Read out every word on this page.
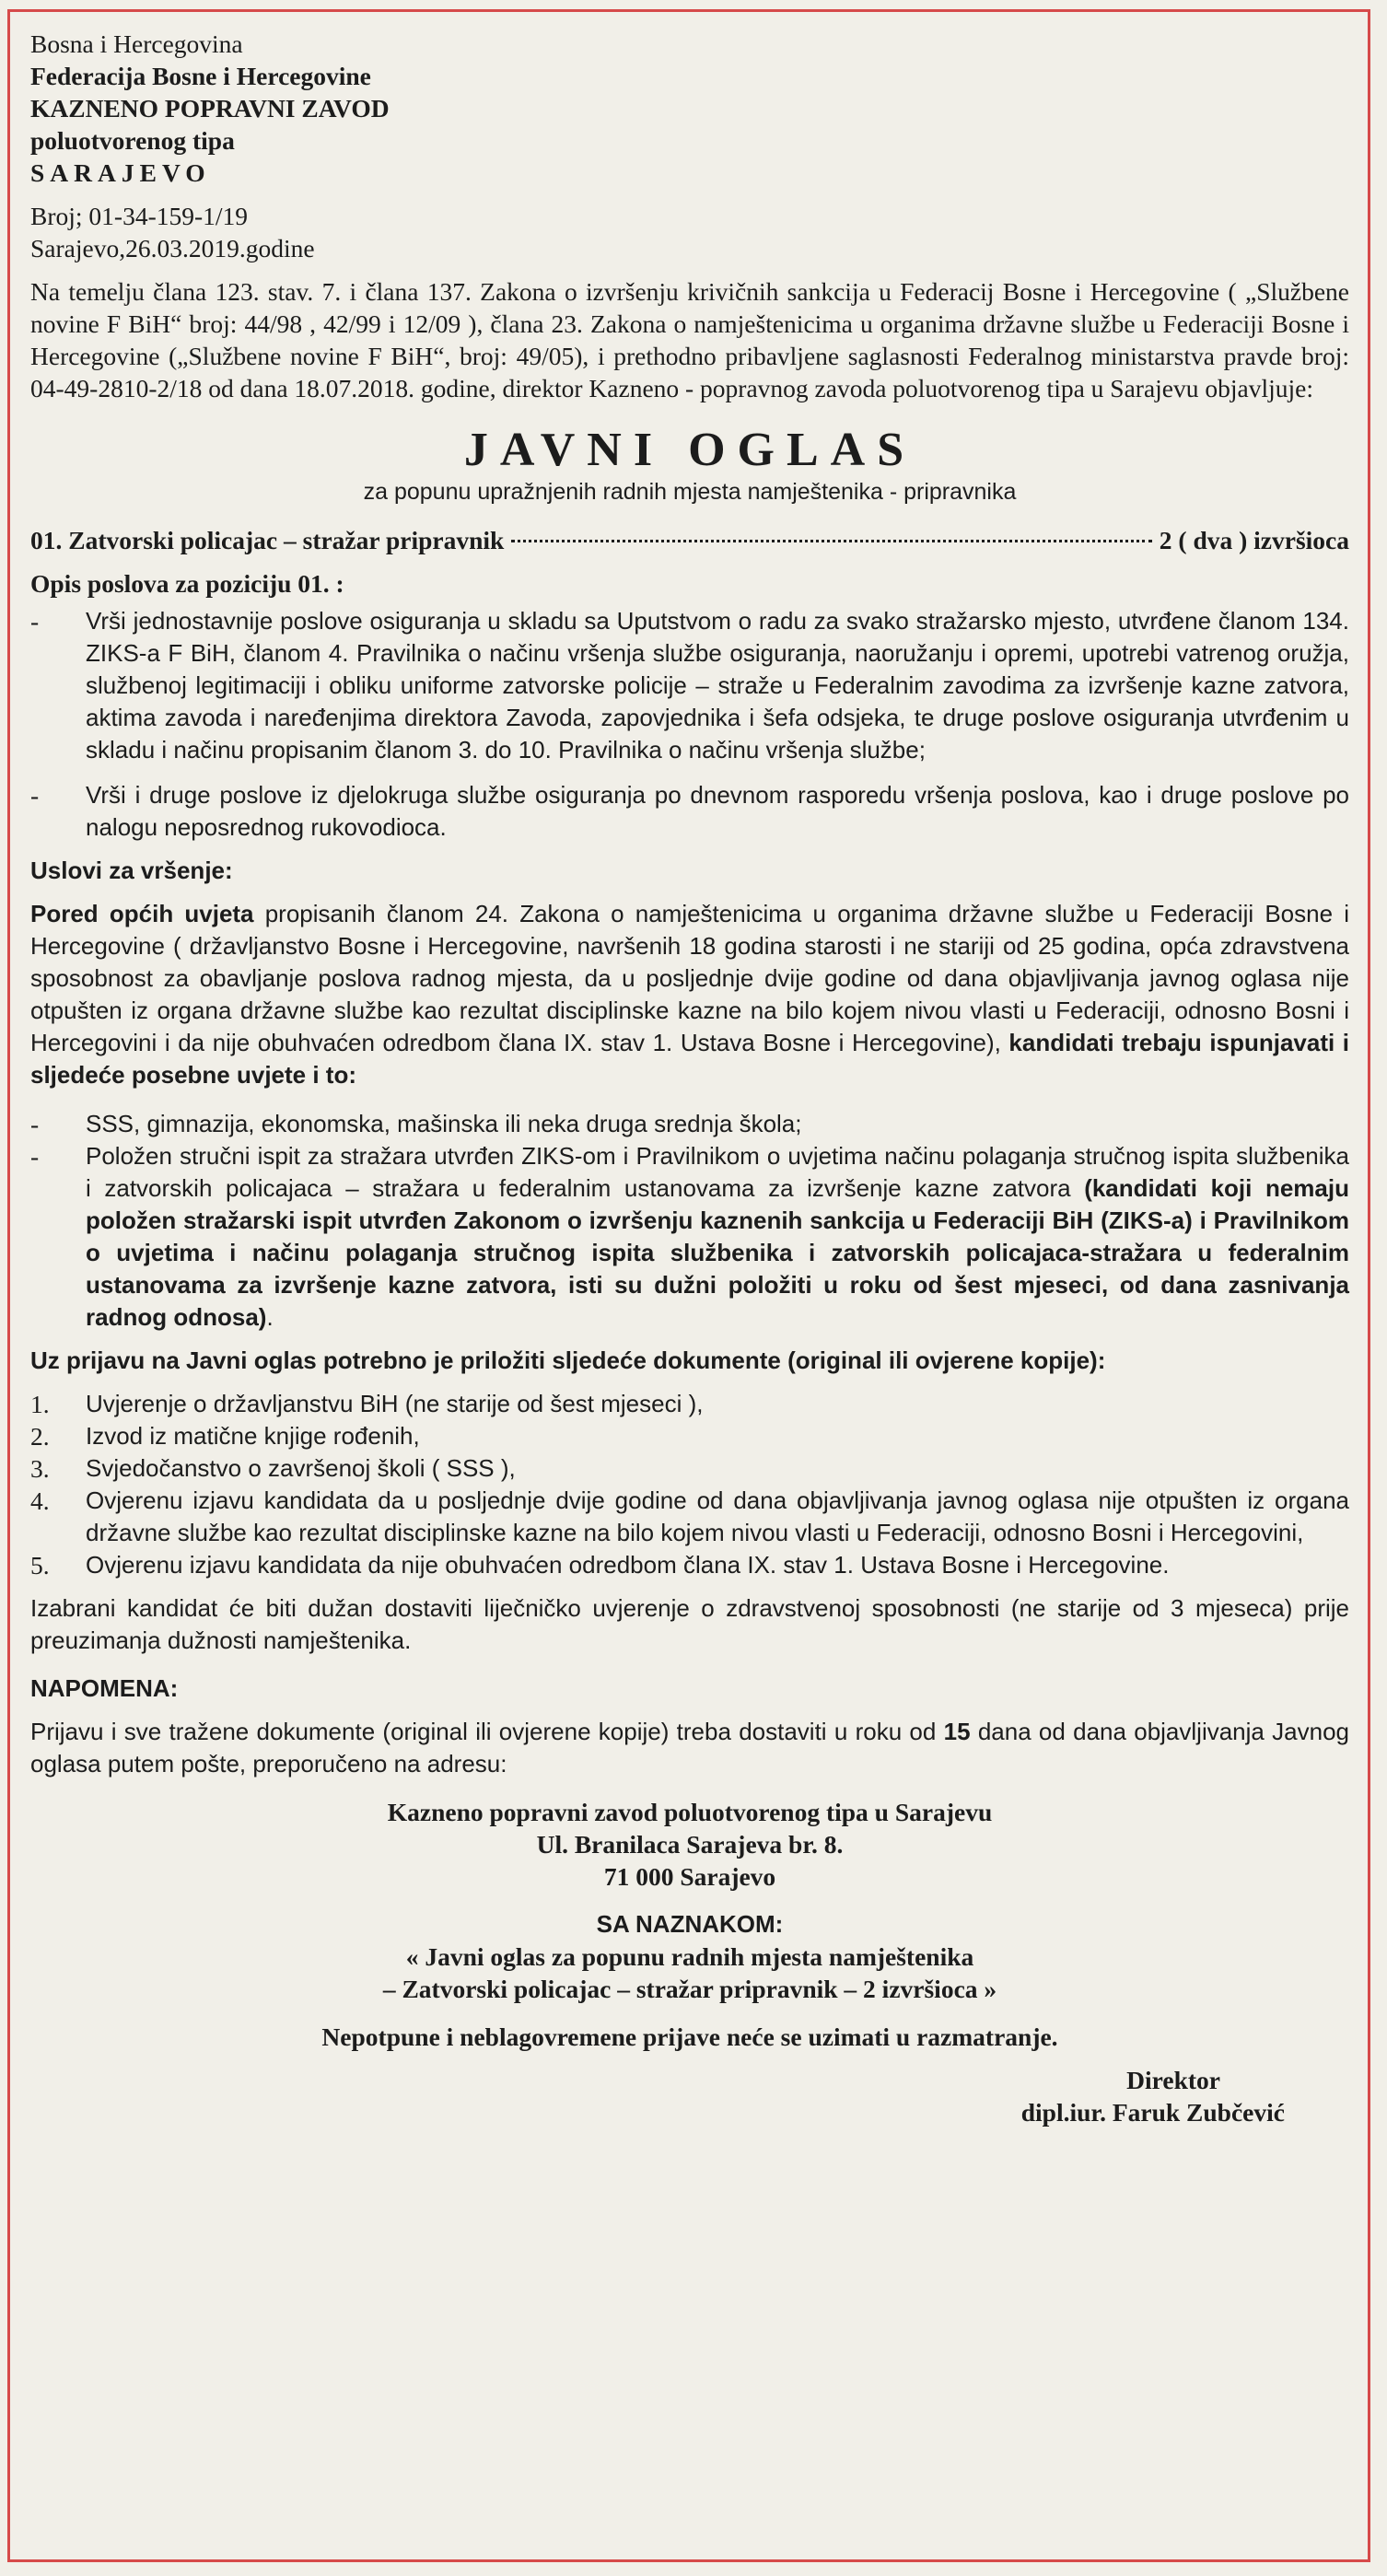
Bosna i Hercegovina
Federacija Bosne i Hercegovine
KAZNENO POPRAVNI ZAVOD
poluotvorenog tipa
SARAJEVO
Broj; 01-34-159-1/19
Sarajevo,26.03.2019.godine

Na temelju člana 123. stav. 7. i člana 137. Zakona o izvršenju krivičnih sankcija u Federacij Bosne i Hercegovine ( „Službene novine F BiH“ broj: 44/98 , 42/99 i 12/09 ), člana 23. Zakona o namještenicima u organima državne službe u Federaciji Bosne i Hercegovine („Službene novine F BiH“, broj: 49/05), i prethodno pribavljene saglasnosti Federalnog ministarstva pravde broj: 04-49-2810-2/18 od dana 18.07.2018. godine, direktor Kazneno - popravnog zavoda poluotvorenog tipa u Sarajevu objavljuje:

JAVNI OGLAS
za popunu upražnjenih radnih mjesta namještenika - pripravnika
01. Zatvorski policajac – stražar pripravnik	2 ( dva ) izvršioca

Opis poslova za poziciju 01. :

-	Vrši jednostavnije poslove osiguranja u skladu sa Uputstvom o radu za svako stražarsko mjesto, utvrđene članom 134. ZIKS-a F BiH, članom 4. Pravilnika o načinu vršenja službe osiguranja, naoružanju i opremi, upotrebi vatrenog oružja, službenoj legitimaciji i obliku uniforme zatvorske policije – straže u Federalnim zavodima za izvršenje kazne zatvora, aktima zavoda i naređenjima direktora Zavoda, zapovjednika i šefa odsjeka, te druge poslove osiguranja utvrđenim u skladu i načinu propisanim članom 3. do 10. Pravilnika o načinu vršenja službe;
-	Vrši i druge poslove iz djelokruga službe osiguranja po dnevnom rasporedu vršenja poslova, kao i druge poslove po nalogu neposrednog rukovodioca.

Uslovi za vršenje:

Pored općih uvjeta propisanih članom 24. Zakona o namještenicima u organima državne službe u Federaciji Bosne i Hercegovine ( državljanstvo Bosne i Hercegovine, navršenih 18 godina starosti i ne stariji od 25 godina, opća zdravstvena sposobnost za obavljanje poslova radnog mjesta, da u posljednje dvije godine od dana objavljivanja javnog oglasa nije otpušten iz organa državne službe kao rezultat disciplinske kazne na bilo kojem nivou vlasti u Federaciji, odnosno Bosni i Hercegovini i da nije obuhvaćen odredbom člana IX. stav 1. Ustava Bosne i Hercegovine), kandidati trebaju ispunjavati i sljedeće posebne uvjete i to:

-	SSS, gimnazija, ekonomska, mašinska ili neka druga srednja škola;
-	Položen stručni ispit za stražara utvrđen ZIKS-om i Pravilnikom o uvjetima načinu polaganja stručnog ispita službenika i zatvorskih policajaca – stražara u federalnim ustanovama za izvršenje kazne zatvora (kandidati koji nemaju položen stražarski ispit utvrđen Zakonom o izvršenju kaznenih sankcija u Federaciji BiH (ZIKS-a) i Pravilnikom o uvjetima i načinu polaganja stručnog ispita službenika i zatvorskih policajaca-stražara u federalnim ustanovama za izvršenje kazne zatvora, isti su dužni položiti u roku od šest mjeseci, od dana zasnivanja radnog odnosa).

Uz prijavu na Javni oglas potrebno je priložiti sljedeće dokumente (original ili ovjerene kopije):

1.	Uvjerenje o državljanstvu BiH (ne starije od šest mjeseci ),
2.	Izvod iz matične knjige rođenih,
3.	Svjedočanstvo o završenoj školi ( SSS ),
4.	Ovjerenu izjavu kandidata da u posljednje dvije godine od dana objavljivanja javnog oglasa nije otpušten iz organa državne službe kao rezultat disciplinske kazne na bilo kojem nivou vlasti u Federaciji, odnosno Bosni i Hercegovini,
5.	Ovjerenu izjavu kandidata da nije obuhvaćen odredbom člana IX. stav 1. Ustava Bosne i Hercegovine.

Izabrani kandidat će biti dužan dostaviti liječničko uvjerenje o zdravstvenoj sposobnosti (ne starije od 3 mjeseca) prije preuzimanja dužnosti namještenika.

NAPOMENA:

Prijavu i sve tražene dokumente (original ili ovjerene kopije) treba dostaviti u roku od 15 dana od dana objavljivanja Javnog oglasa putem pošte, preporučeno na adresu:

Kazneno popravni zavod poluotvorenog tipa u Sarajevu
Ul. Branilaca Sarajeva br. 8.
71 000 Sarajevo
SA NAZNAKOM:
« Javni oglas za popunu radnih mjesta namještenika
– Zatvorski policajac – stražar pripravnik – 2 izvršioca »

Nepotpune i neblagovremene prijave neće se uzimati u razmatranje.

Direktor
dipl.iur. Faruk Zubčević
